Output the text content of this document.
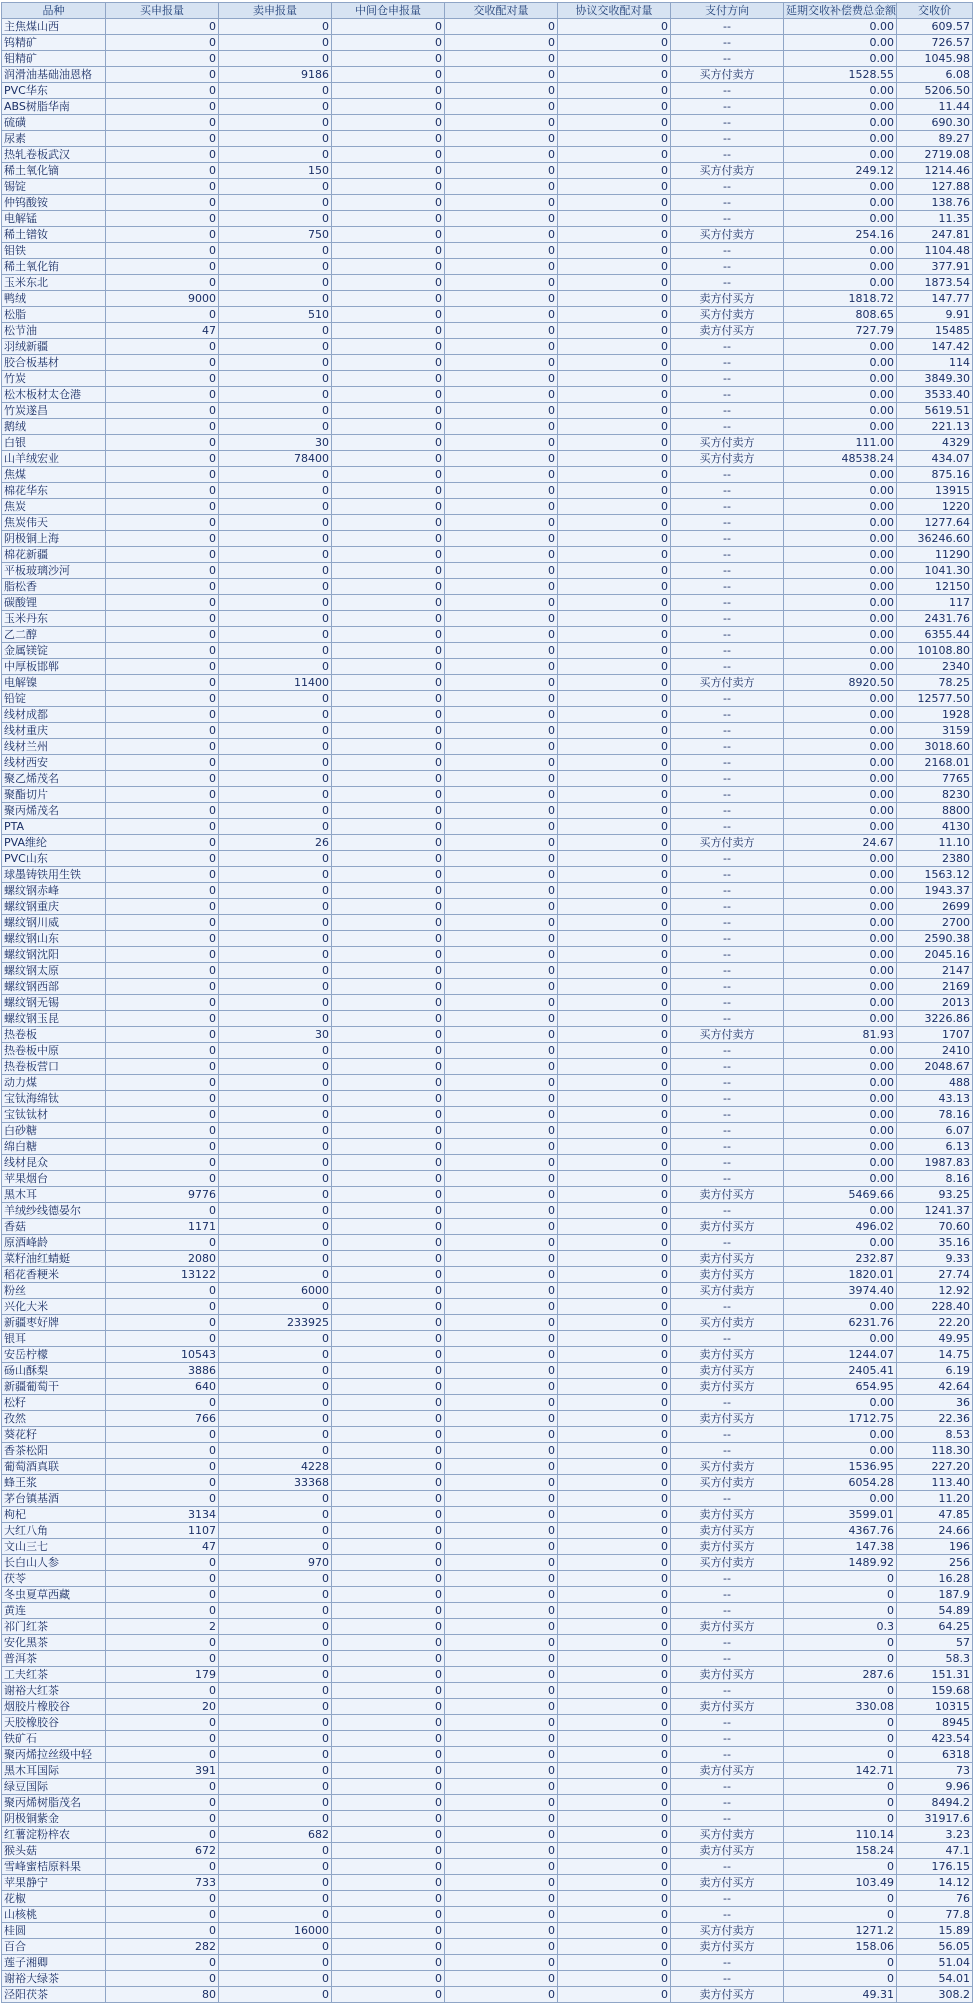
品种	买申报量	卖申报量	中间仓申报量	交收配对量	协议交收配对量	支付方向	延期交收补偿费总金额	交收价
主焦煤山西	0	0	0	0	0	--	0.00	609.57
钨精矿	0	0	0	0	0	--	0.00	726.57
钼精矿	0	0	0	0	0	--	0.00	1045.98
润滑油基础油恩格	0	9186	0	0	0	买方付卖方	1528.55	6.08
PVC华东	0	0	0	0	0	--	0.00	5206.50
ABS树脂华南	0	0	0	0	0	--	0.00	11.44
硫磺	0	0	0	0	0	--	0.00	690.30
尿素	0	0	0	0	0	--	0.00	89.27
热轧卷板武汉	0	0	0	0	0	--	0.00	2719.08
稀土氧化镝	0	150	0	0	0	买方付卖方	249.12	1214.46
锡锭	0	0	0	0	0	--	0.00	127.88
仲钨酸铵	0	0	0	0	0	--	0.00	138.76
电解锰	0	0	0	0	0	--	0.00	11.35
稀土镨钕	0	750	0	0	0	买方付卖方	254.16	247.81
钼铁	0	0	0	0	0	--	0.00	1104.48
稀土氧化铕	0	0	0	0	0	--	0.00	377.91
玉米东北	0	0	0	0	0	--	0.00	1873.54
鸭绒	9000	0	0	0	0	卖方付买方	1818.72	147.77
松脂	0	510	0	0	0	买方付卖方	808.65	9.91
松节油	47	0	0	0	0	卖方付买方	727.79	15485
羽绒新疆	0	0	0	0	0	--	0.00	147.42
胶合板基材	0	0	0	0	0	--	0.00	114
竹炭	0	0	0	0	0	--	0.00	3849.30
松木板材太仓港	0	0	0	0	0	--	0.00	3533.40
竹炭遂昌	0	0	0	0	0	--	0.00	5619.51
鹅绒	0	0	0	0	0	--	0.00	221.13
白银	0	30	0	0	0	买方付卖方	111.00	4329
山羊绒宏业	0	78400	0	0	0	买方付卖方	48538.24	434.07
焦煤	0	0	0	0	0	--	0.00	875.16
棉花华东	0	0	0	0	0	--	0.00	13915
焦炭	0	0	0	0	0	--	0.00	1220
焦炭伟天	0	0	0	0	0	--	0.00	1277.64
阴极铜上海	0	0	0	0	0	--	0.00	36246.60
棉花新疆	0	0	0	0	0	--	0.00	11290
平板玻璃沙河	0	0	0	0	0	--	0.00	1041.30
脂松香	0	0	0	0	0	--	0.00	12150
碳酸锂	0	0	0	0	0	--	0.00	117
玉米丹东	0	0	0	0	0	--	0.00	2431.76
乙二醇	0	0	0	0	0	--	0.00	6355.44
金属镁锭	0	0	0	0	0	--	0.00	10108.80
中厚板邯郸	0	0	0	0	0	--	0.00	2340
电解镍	0	11400	0	0	0	买方付卖方	8920.50	78.25
铅锭	0	0	0	0	0	--	0.00	12577.50
线材成都	0	0	0	0	0	--	0.00	1928
线材重庆	0	0	0	0	0	--	0.00	3159
线材兰州	0	0	0	0	0	--	0.00	3018.60
线材西安	0	0	0	0	0	--	0.00	2168.01
聚乙烯茂名	0	0	0	0	0	--	0.00	7765
聚酯切片	0	0	0	0	0	--	0.00	8230
聚丙烯茂名	0	0	0	0	0	--	0.00	8800
PTA	0	0	0	0	0	--	0.00	4130
PVA维纶	0	26	0	0	0	买方付卖方	24.67	11.10
PVC山东	0	0	0	0	0	--	0.00	2380
球墨铸铁用生铁	0	0	0	0	0	--	0.00	1563.12
螺纹钢赤峰	0	0	0	0	0	--	0.00	1943.37
螺纹钢重庆	0	0	0	0	0	--	0.00	2699
螺纹钢川威	0	0	0	0	0	--	0.00	2700
螺纹钢山东	0	0	0	0	0	--	0.00	2590.38
螺纹钢沈阳	0	0	0	0	0	--	0.00	2045.16
螺纹钢太原	0	0	0	0	0	--	0.00	2147
螺纹钢西部	0	0	0	0	0	--	0.00	2169
螺纹钢无锡	0	0	0	0	0	--	0.00	2013
螺纹钢玉昆	0	0	0	0	0	--	0.00	3226.86
热卷板	0	30	0	0	0	买方付卖方	81.93	1707
热卷板中原	0	0	0	0	0	--	0.00	2410
热卷板营口	0	0	0	0	0	--	0.00	2048.67
动力煤	0	0	0	0	0	--	0.00	488
宝钛海绵钛	0	0	0	0	0	--	0.00	43.13
宝钛钛材	0	0	0	0	0	--	0.00	78.16
白砂糖	0	0	0	0	0	--	0.00	6.07
绵白糖	0	0	0	0	0	--	0.00	6.13
线材昆众	0	0	0	0	0	--	0.00	1987.83
苹果烟台	0	0	0	0	0	--	0.00	8.16
黑木耳	9776	0	0	0	0	卖方付买方	5469.66	93.25
羊绒纱线德晏尔	0	0	0	0	0	--	0.00	1241.37
香菇	1171	0	0	0	0	卖方付买方	496.02	70.60
原酒峰龄	0	0	0	0	0	--	0.00	35.16
菜籽油红蜻蜓	2080	0	0	0	0	卖方付买方	232.87	9.33
稻花香粳米	13122	0	0	0	0	卖方付买方	1820.01	27.74
粉丝	0	6000	0	0	0	买方付卖方	3974.40	12.92
兴化大米	0	0	0	0	0	--	0.00	228.40
新疆枣好牌	0	233925	0	0	0	买方付卖方	6231.76	22.20
银耳	0	0	0	0	0	--	0.00	49.95
安岳柠檬	10543	0	0	0	0	卖方付买方	1244.07	14.75
砀山酥梨	3886	0	0	0	0	卖方付买方	2405.41	6.19
新疆葡萄干	640	0	0	0	0	卖方付买方	654.95	42.64
松籽	0	0	0	0	0	--	0.00	36
孜然	766	0	0	0	0	卖方付买方	1712.75	22.36
葵花籽	0	0	0	0	0	--	0.00	8.53
香茶松阳	0	0	0	0	0	--	0.00	118.30
葡萄酒真联	0	4228	0	0	0	买方付卖方	1536.95	227.20
蜂王浆	0	33368	0	0	0	买方付卖方	6054.28	113.40
茅台镇基酒	0	0	0	0	0	--	0.00	11.20
枸杞	3134	0	0	0	0	卖方付买方	3599.01	47.85
大红八角	1107	0	0	0	0	卖方付买方	4367.76	24.66
文山三七	47	0	0	0	0	卖方付买方	147.38	196
长白山人参	0	970	0	0	0	买方付卖方	1489.92	256
茯苓	0	0	0	0	0	--	0	16.28
冬虫夏草西藏	0	0	0	0	0	--	0	187.9
黄连	0	0	0	0	0	--	0	54.89
祁门红茶	2	0	0	0	0	卖方付买方	0.3	64.25
安化黑茶	0	0	0	0	0	--	0	57
普洱茶	0	0	0	0	0	--	0	58.3
工夫红茶	179	0	0	0	0	卖方付买方	287.6	151.31
谢裕大红茶	0	0	0	0	0	--	0	159.68
烟胶片橡胶谷	20	0	0	0	0	卖方付买方	330.08	10315
天胶橡胶谷	0	0	0	0	0	--	0	8945
铁矿石	0	0	0	0	0	--	0	423.54
聚丙烯拉丝级中轻	0	0	0	0	0	--	0	6318
黑木耳国际	391	0	0	0	0	卖方付买方	142.71	73
绿豆国际	0	0	0	0	0	--	0	9.96
聚丙烯树脂茂名	0	0	0	0	0	--	0	8494.2
阴极铜紫金	0	0	0	0	0	--	0	31917.6
红薯淀粉梓农	0	682	0	0	0	买方付卖方	110.14	3.23
猴头菇	672	0	0	0	0	卖方付买方	158.24	47.1
雪峰蜜桔原料果	0	0	0	0	0	--	0	176.15
苹果静宁	733	0	0	0	0	卖方付买方	103.49	14.12
花椒	0	0	0	0	0	--	0	76
山核桃	0	0	0	0	0	--	0	77.8
桂圆	0	16000	0	0	0	买方付卖方	1271.2	15.89
百合	282	0	0	0	0	卖方付买方	158.06	56.05
莲子湘卿	0	0	0	0	0	--	0	51.04
谢裕大绿茶	0	0	0	0	0	--	0	54.01
泾阳茯茶	80	0	0	0	0	卖方付买方	49.31	308.2
